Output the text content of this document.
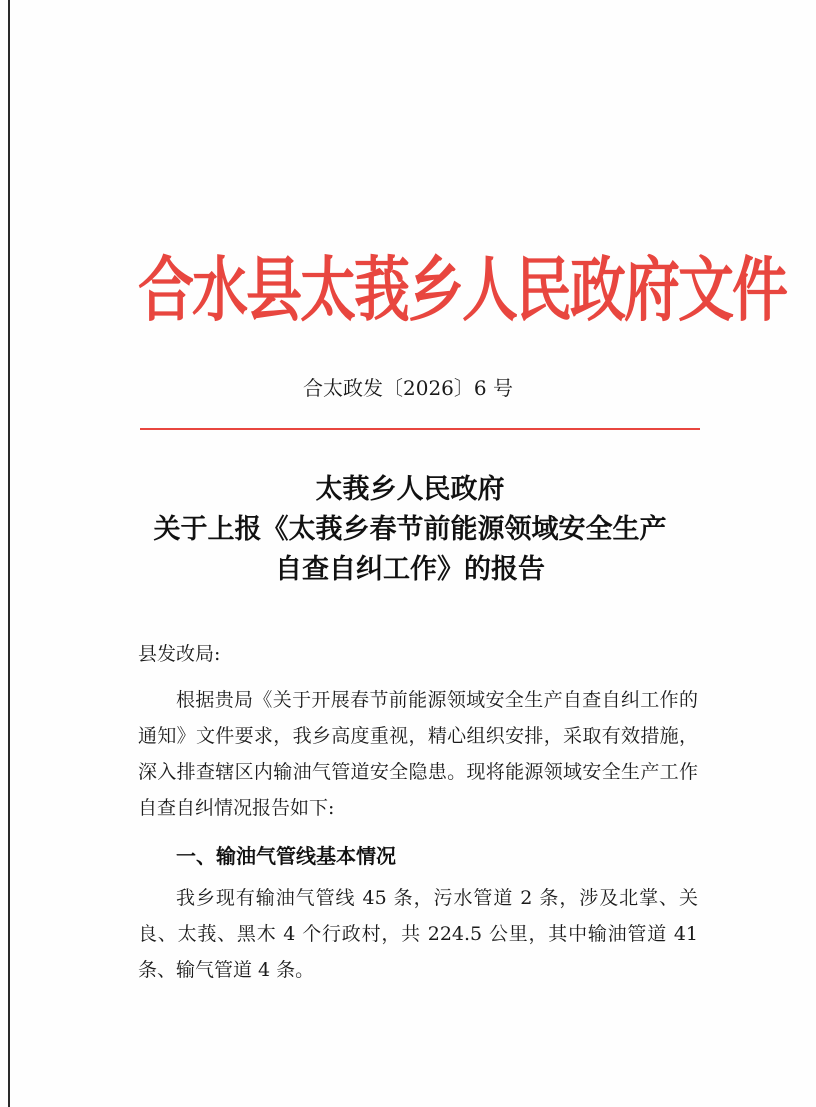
合水县太莪乡人民政府文件
合太政发〔2026〕6 号
太莪乡人民政府
关于上报《太莪乡春节前能源领域安全生产
自查自纠工作》的报告
县发改局:
根据贵局《关于开展春节前能源领域安全生产自查自纠工作的通知》文件要求，我乡高度重视，精心组织安排，采取有效措施，深入排查辖区内输油气管道安全隐患。现将能源领域安全生产工作自查自纠情况报告如下:
一、输油气管线基本情况
我乡现有输油气管线 45 条，污水管道 2 条，涉及北掌、关良、太莪、黑木 4 个行政村，共 224.5 公里，其中输油管道 41 条、输气管道 4 条。
